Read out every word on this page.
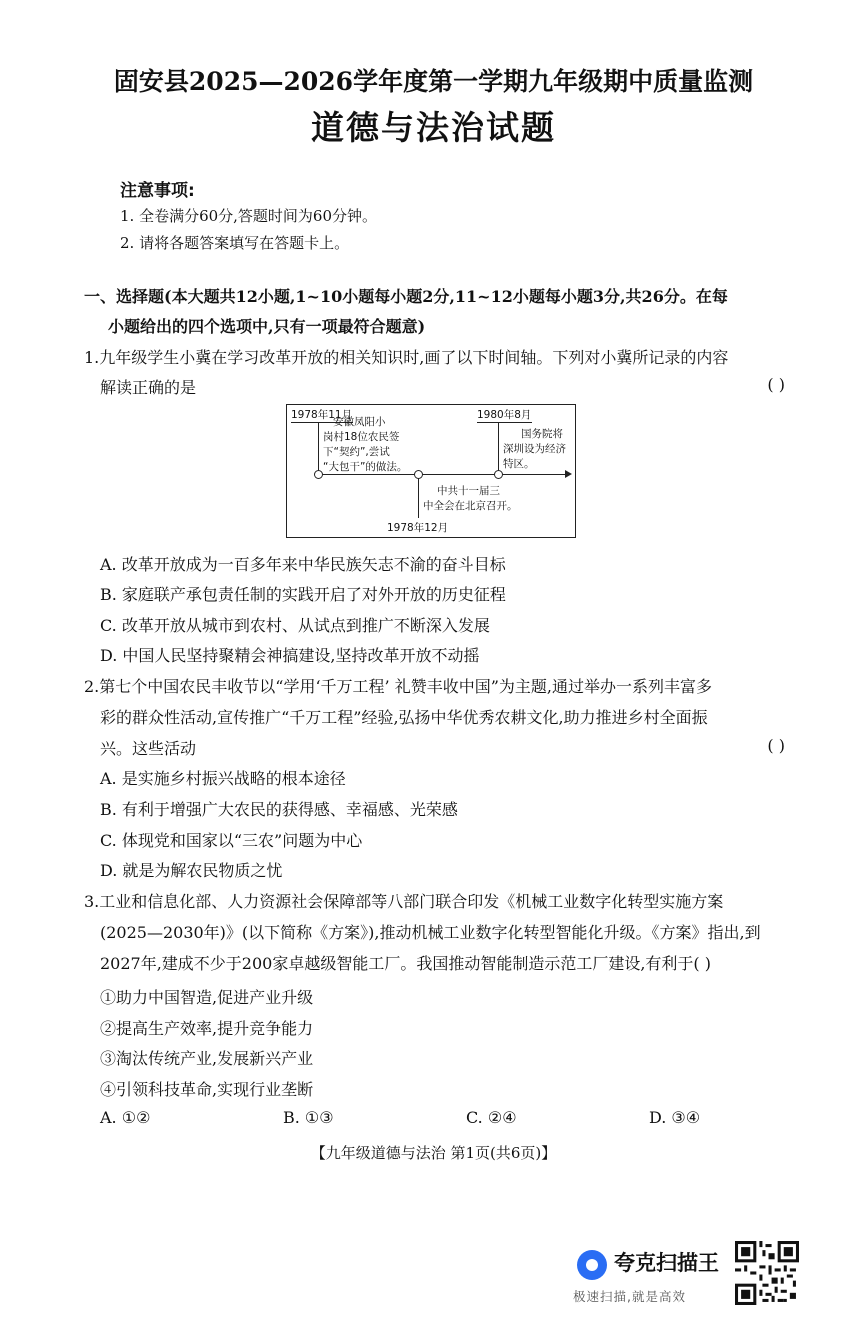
固安县2025—2026学年度第一学期九年级期中质量监测
道德与法治试题
注意事项:
1. 全卷满分60分,答题时间为60分钟。
2. 请将各题答案填写在答题卡上。
一、选择题(本大题共12小题,1~10小题每小题2分,11~12小题每小题3分,共26分。在每
小题给出的四个选项中,只有一项最符合题意)
1.九年级学生小冀在学习改革开放的相关知识时,画了以下时间轴。下列对小冀所记录的内容
解读正确的是	( )
1978年11月
安徽凤阳小
岗村18位农民签
下“契约”,尝试
“大包干”的做法。
1980年8月
国务院将
深圳设为经济
特区。
中共十一届三
中全会在北京召开。
1978年12月
A. 改革开放成为一百多年来中华民族矢志不渝的奋斗目标
B. 家庭联产承包责任制的实践开启了对外开放的历史征程
C. 改革开放从城市到农村、从试点到推广不断深入发展
D. 中国人民坚持聚精会神搞建设,坚持改革开放不动摇
2.第七个中国农民丰收节以“学用‘千万工程’ 礼赞丰收中国”为主题,通过举办一系列丰富多
彩的群众性活动,宣传推广“千万工程”经验,弘扬中华优秀农耕文化,助力推进乡村全面振
兴。这些活动	( )
A. 是实施乡村振兴战略的根本途径
B. 有利于增强广大农民的获得感、幸福感、光荣感
C. 体现党和国家以“三农”问题为中心
D. 就是为解农民物质之忧
3.工业和信息化部、人力资源社会保障部等八部门联合印发《机械工业数字化转型实施方案
(2025—2030年)》(以下简称《方案》),推动机械工业数字化转型智能化升级。《方案》指出,到
2027年,建成不少于200家卓越级智能工厂。我国推动智能制造示范工厂建设,有利于( )
①助力中国智造,促进产业升级
②提高生产效率,提升竞争能力
③淘汰传统产业,发展新兴产业
④引领科技革命,实现行业垄断
A. ①②	B. ①③	C. ②④	D. ③④
【九年级道德与法治 第1页(共6页)】
夸克扫描王
极速扫描,就是高效
